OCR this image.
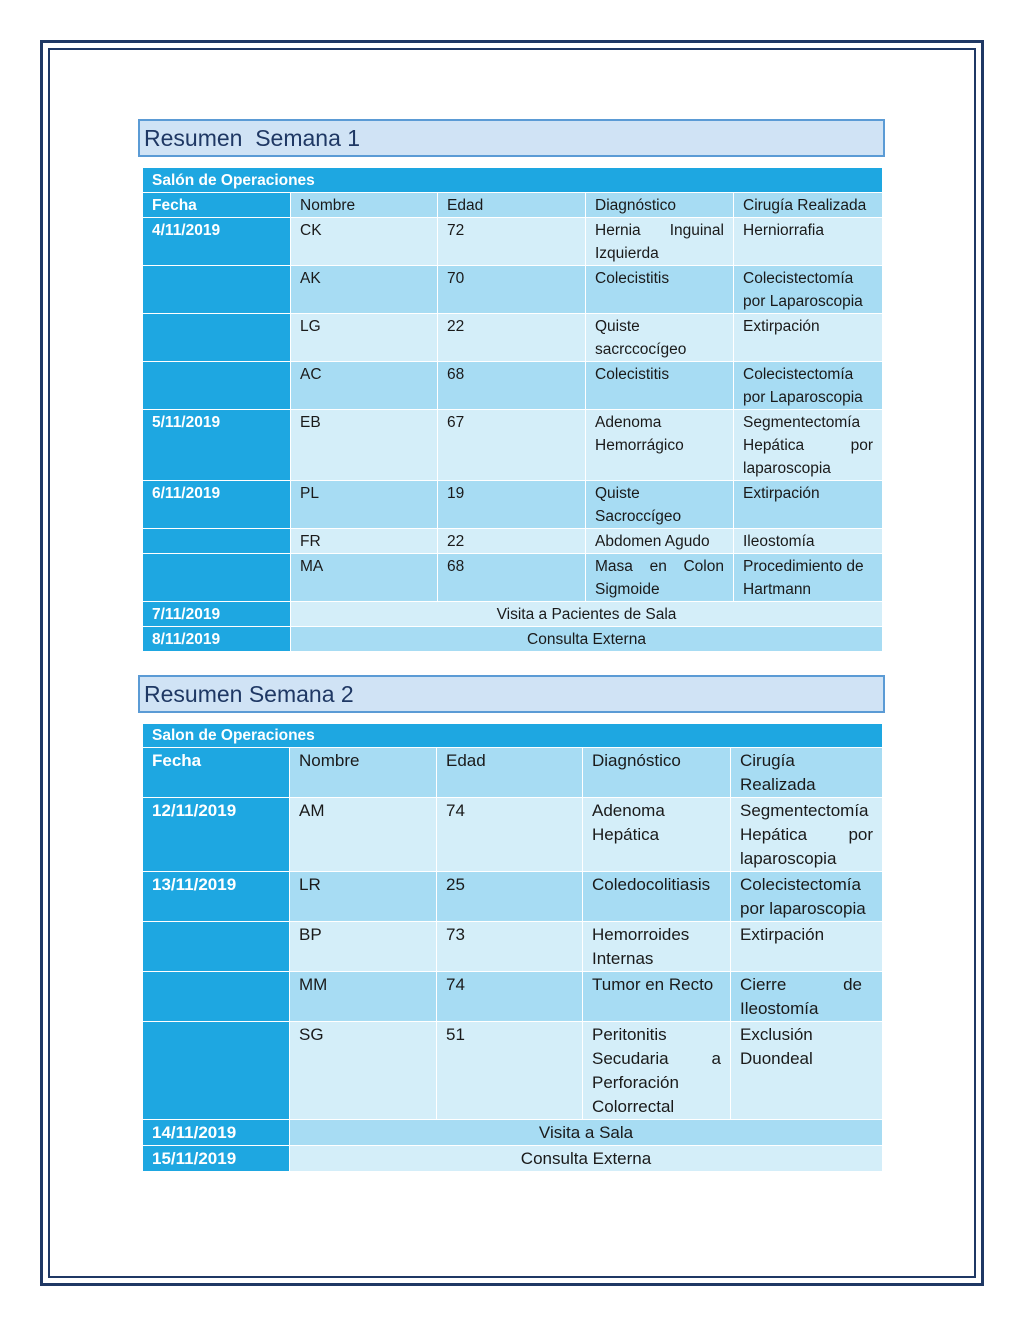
Resumen  Semana 1
Salón de Operaciones				
Fecha	Nombre	Edad	Diagnóstico	Cirugía Realizada
4/11/2019	CK	72	Hernia Inguinal Izquierda	Herniorrafia
	AK	70	Colecistitis	Colecistectomía por Laparoscopia
	LG	22	Quiste sacrccocígeo	Extirpación
	AC	68	Colecistitis	Colecistectomía por Laparoscopia
5/11/2019	EB	67	Adenoma Hemorrágico	Segmentectomía Hepática por laparoscopia
6/11/2019	PL	19	Quiste Sacroccígeo	Extirpación
	FR	22	Abdomen Agudo	Ileostomía
	MA	68	Masa en Colon Sigmoide	Procedimiento de Hartmann
7/11/2019	Visita a Pacientes de Sala			
8/11/2019	Consulta Externa			
Resumen Semana 2
Salon de Operaciones				
Fecha	Nombre	Edad	Diagnóstico	Cirugía Realizada
12/11/2019	AM	74	Adenoma Hepática	Segmentectomía Hepática por laparoscopia
13/11/2019	LR	25	Coledocolitiasis	Colecistectomía por laparoscopia
	BP	73	Hemorroides Internas	Extirpación
	MM	74	Tumor en Recto	Cierre de Ileostomía
	SG	51	Peritonitis Secudaria a Perforación Colorrectal	Exclusión Duondeal
14/11/2019	Visita a Sala			
15/11/2019	Consulta Externa			
